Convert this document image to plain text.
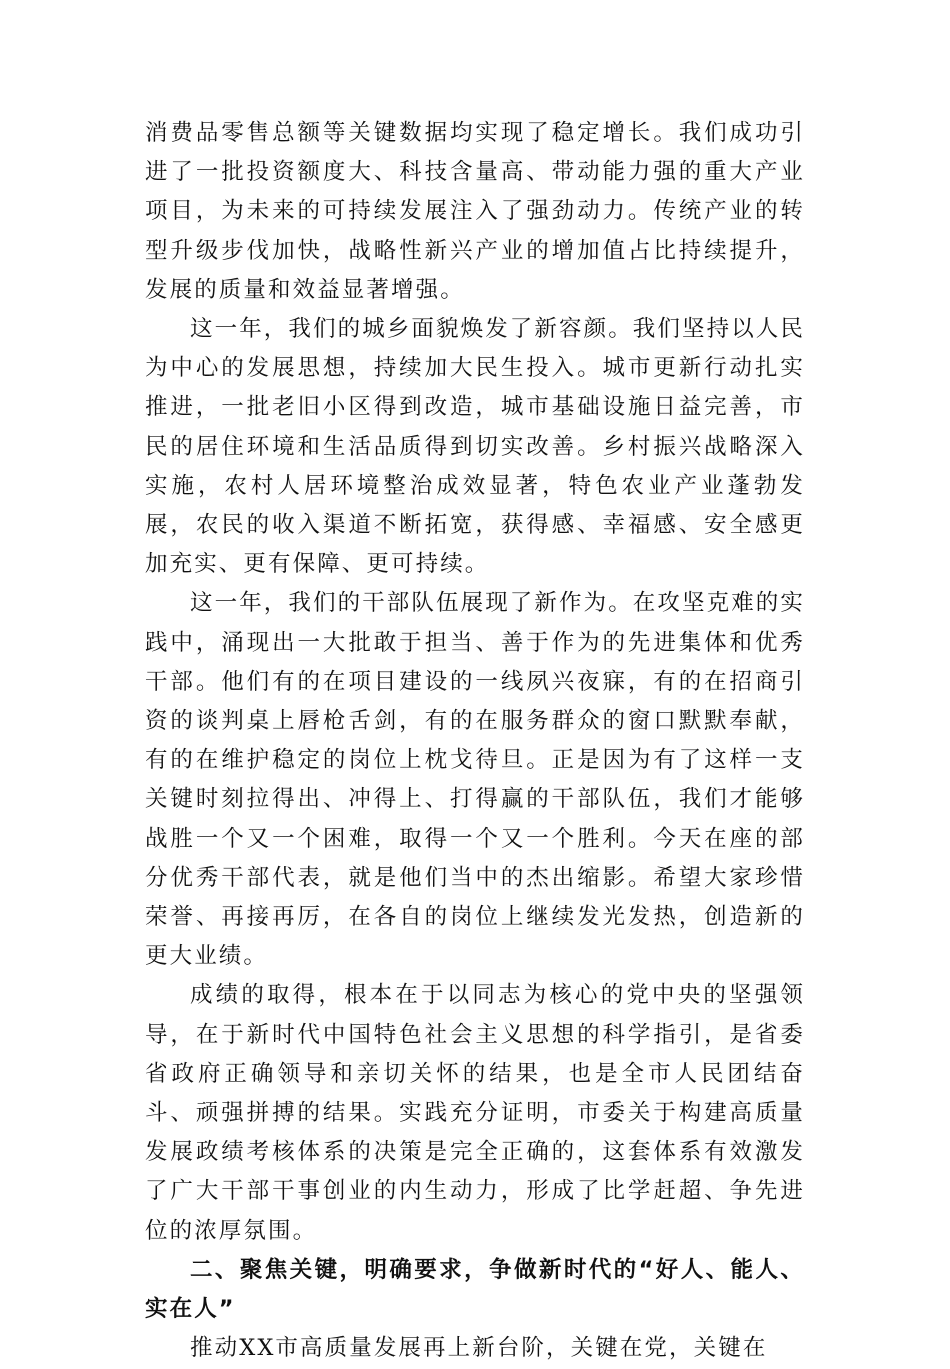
消费品零售总额等关键数据均实现了稳定增长。我们成功引进了一批投资额度大、科技含量高、带动能力强的重大产业项目，为未来的可持续发展注入了强劲动力。传统产业的转型升级步伐加快，战略性新兴产业的增加值占比持续提升，发展的质量和效益显著增强。

这一年，我们的城乡面貌焕发了新容颜。我们坚持以人民为中心的发展思想，持续加大民生投入。城市更新行动扎实推进，一批老旧小区得到改造，城市基础设施日益完善，市民的居住环境和生活品质得到切实改善。乡村振兴战略深入实施，农村人居环境整治成效显著，特色农业产业蓬勃发展，农民的收入渠道不断拓宽，获得感、幸福感、安全感更加充实、更有保障、更可持续。

这一年，我们的干部队伍展现了新作为。在攻坚克难的实践中，涌现出一大批敢于担当、善于作为的先进集体和优秀干部。他们有的在项目建设的一线夙兴夜寐，有的在招商引资的谈判桌上唇枪舌剑，有的在服务群众的窗口默默奉献，有的在维护稳定的岗位上枕戈待旦。正是因为有了这样一支关键时刻拉得出、冲得上、打得赢的干部队伍，我们才能够战胜一个又一个困难，取得一个又一个胜利。今天在座的部分优秀干部代表，就是他们当中的杰出缩影。希望大家珍惜荣誉、再接再厉，在各自的岗位上继续发光发热，创造新的更大业绩。

成绩的取得，根本在于以同志为核心的党中央的坚强领导，在于新时代中国特色社会主义思想的科学指引，是省委省政府正确领导和亲切关怀的结果，也是全市人民团结奋斗、顽强拼搏的结果。实践充分证明，市委关于构建高质量发展政绩考核体系的决策是完全正确的，这套体系有效激发了广大干部干事创业的内生动力，形成了比学赶超、争先进位的浓厚氛围。

二、聚焦关键，明确要求，争做新时代的“好人、能人、实在人”

推动XX市高质量发展再上新台阶，关键在党，关键在
